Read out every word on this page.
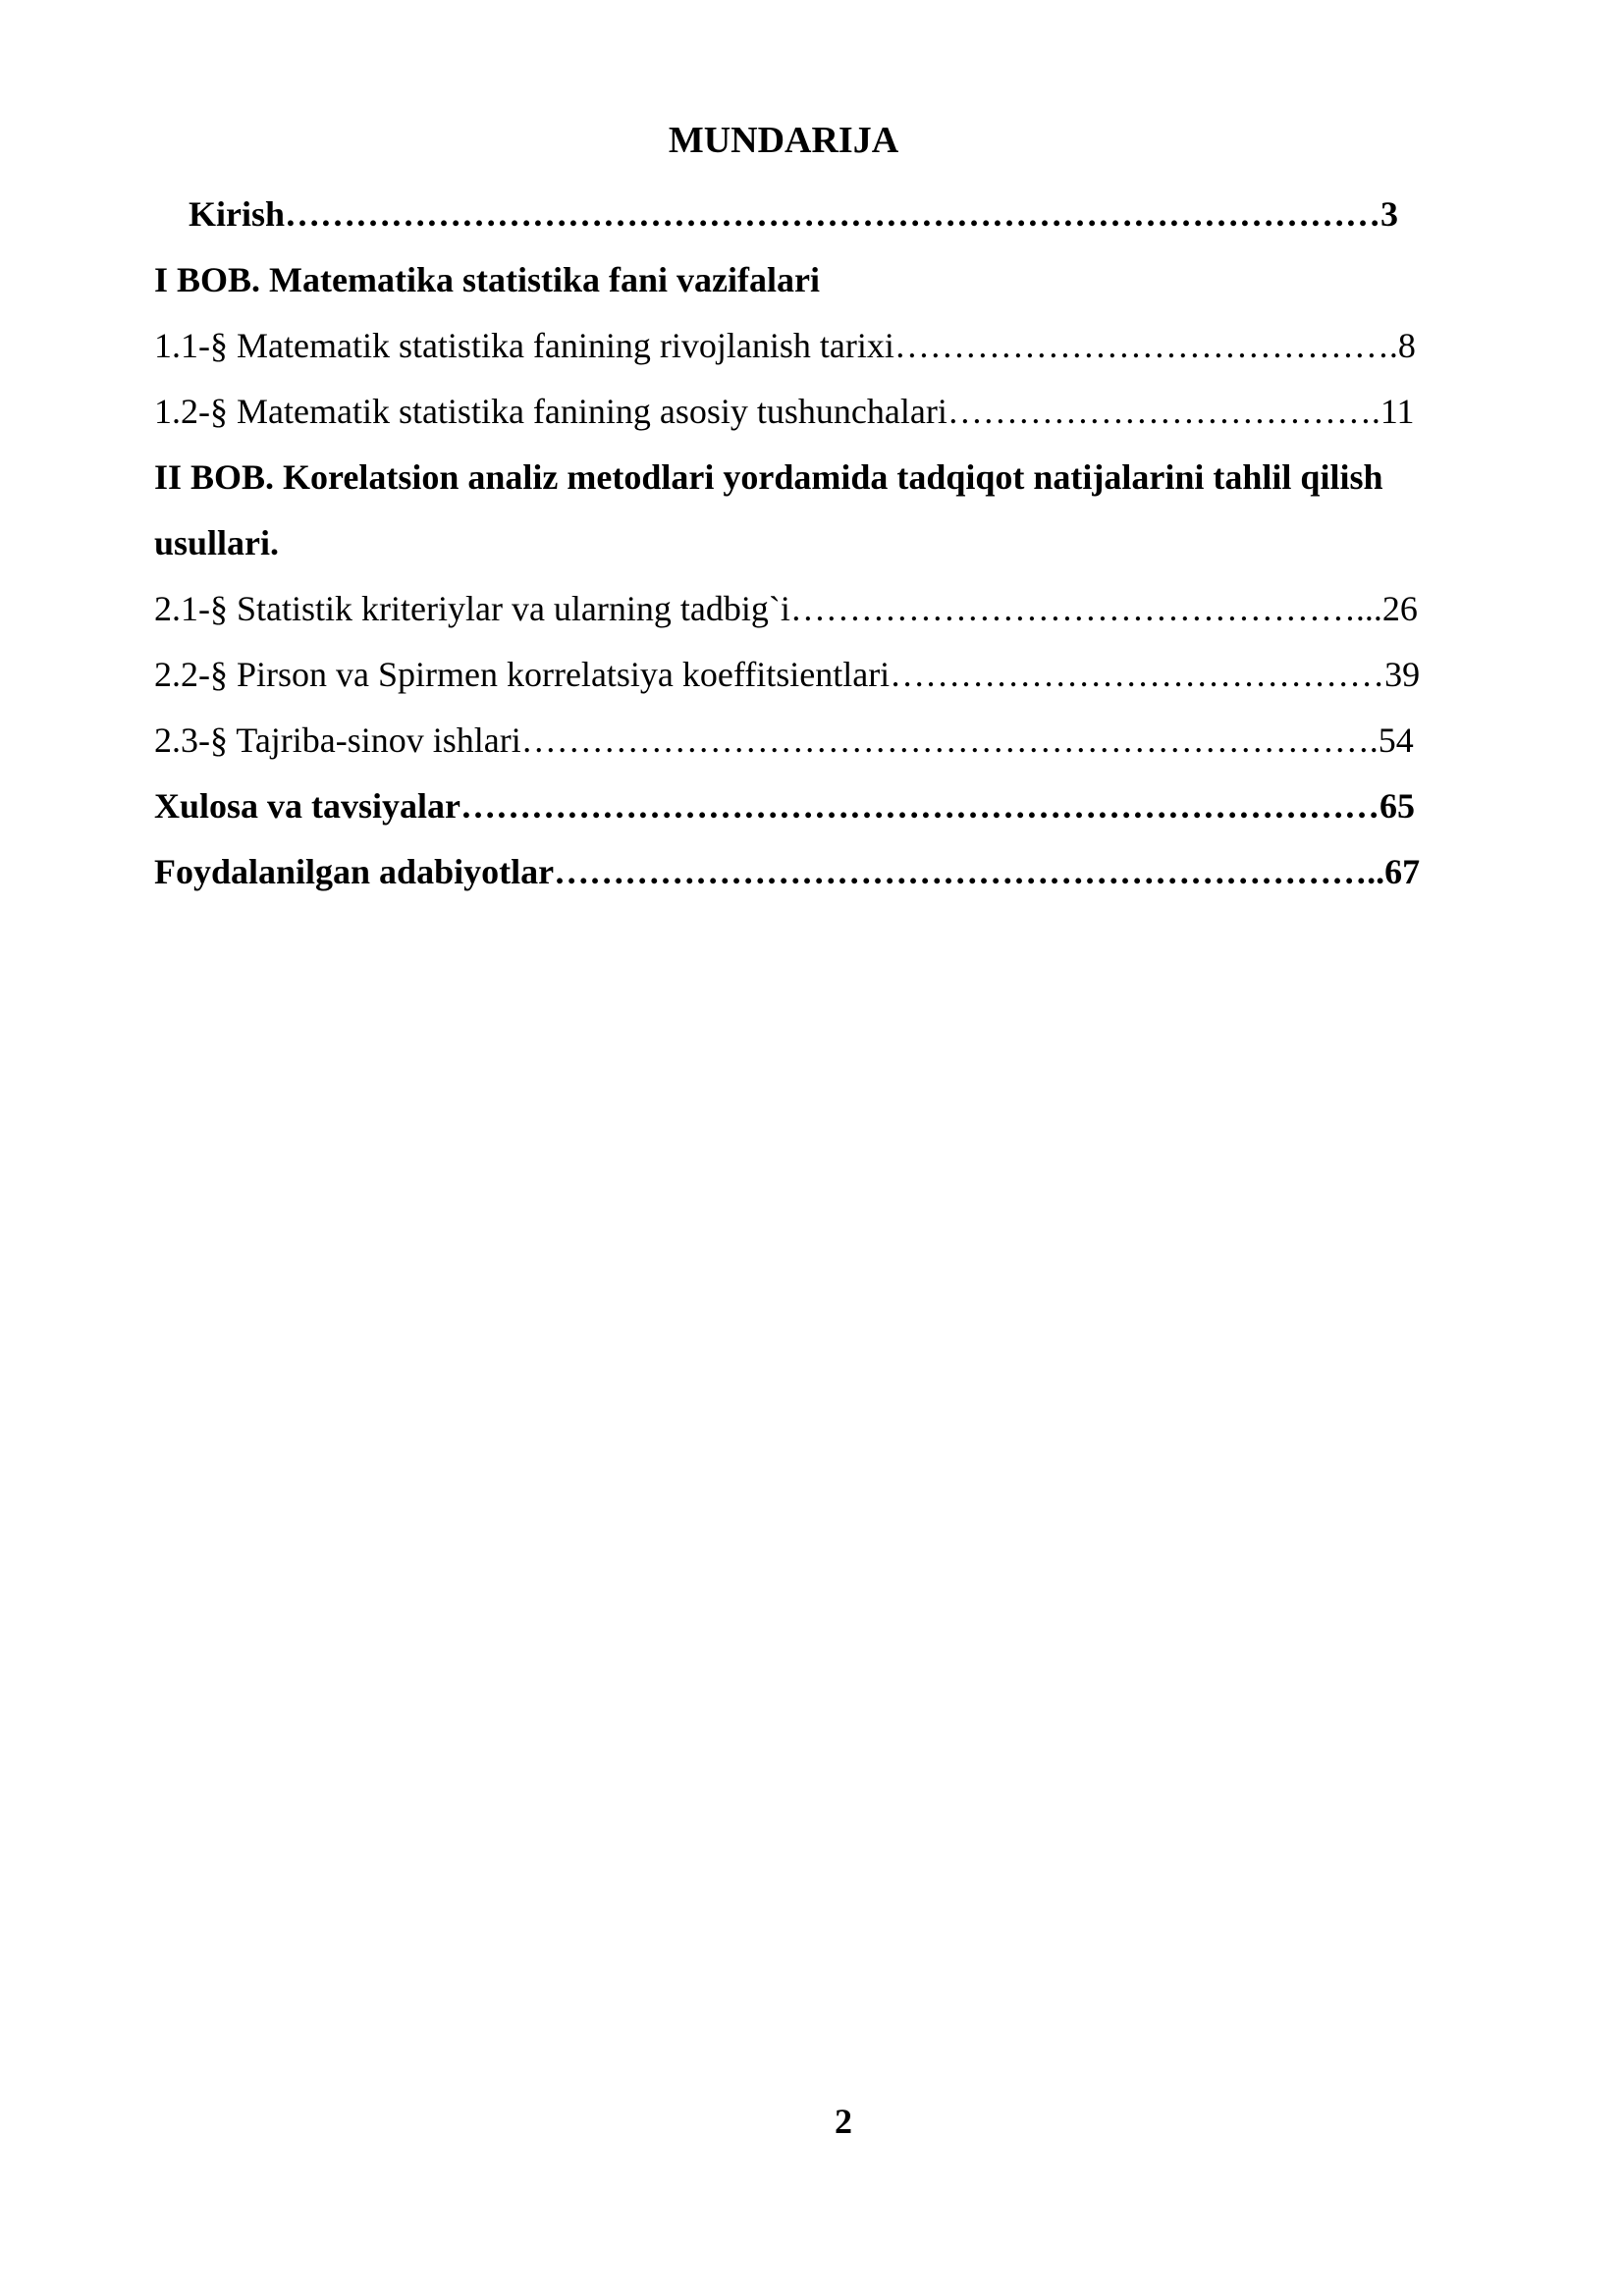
MUNDARIJA
Kirish…………………………………………………………………………………3
I BOB. Matematika statistika fani vazifalari
1.1-§ Matematik statistika fanining rivojlanish tarixi…………………………………….8
1.2-§ Matematik statistika fanining asosiy tushunchalari……………………………….11
II BOB. Korelatsion analiz metodlari yordamida tadqiqot natijalarini tahlil qilish
usullari.
2.1-§ Statistik kriteriylar va ularning tadbig`i…………………………………………...26
2.2-§ Pirson va Spirmen korrelatsiya koeffitsientlari……………………………………39
2.3-§ Tajriba-sinov ishlari……………………………………………………………….54
Xulosa va tavsiyalar……………………………………………………………………65
Foydalanilgan adabiyotlar……………………………………………………………..67
2
